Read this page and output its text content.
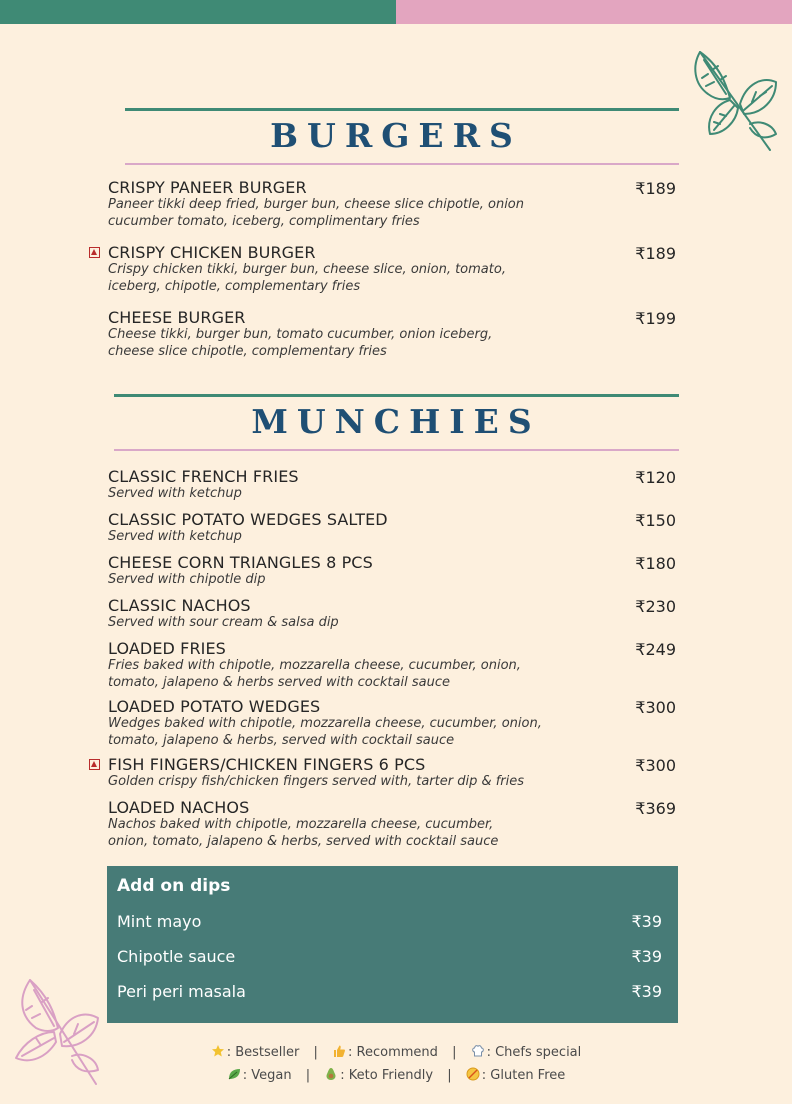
BURGERS
CRISPY PANEER BURGER
Paneer tikki deep fried, burger bun, cheese slice chipotle, onion
cucumber tomato, iceberg, complimentary fries
₹189
CRISPY CHICKEN BURGER
Crispy chicken tikki, burger bun, cheese slice, onion, tomato,
iceberg, chipotle, complementary fries
₹189
CHEESE BURGER
Cheese tikki, burger bun, tomato cucumber, onion iceberg,
cheese slice chipotle, complementary fries
₹199
MUNCHIES
CLASSIC FRENCH FRIES
Served with ketchup
₹120
CLASSIC POTATO WEDGES SALTED
Served with ketchup
₹150
CHEESE CORN TRIANGLES 8 PCS
Served with chipotle dip
₹180
CLASSIC NACHOS
Served with sour cream & salsa dip
₹230
LOADED FRIES
Fries baked with chipotle, mozzarella cheese, cucumber, onion,
tomato, jalapeno & herbs served with cocktail sauce
₹249
LOADED POTATO WEDGES
Wedges baked with chipotle, mozzarella cheese, cucumber, onion,
tomato, jalapeno & herbs, served with cocktail sauce
₹300
FISH FINGERS/CHICKEN FINGERS 6 PCS
Golden crispy fish/chicken fingers served with, tarter dip & fries
₹300
LOADED NACHOS
Nachos baked with chipotle, mozzarella cheese, cucumber,
onion, tomato, jalapeno & herbs, served with cocktail sauce
₹369
Add on dips
Mint mayo	₹39
Chipotle sauce	₹39
Peri peri masala	₹39
: Bestseller | : Recommend | : Chefs special
: Vegan | : Keto Friendly | : Gluten Free
